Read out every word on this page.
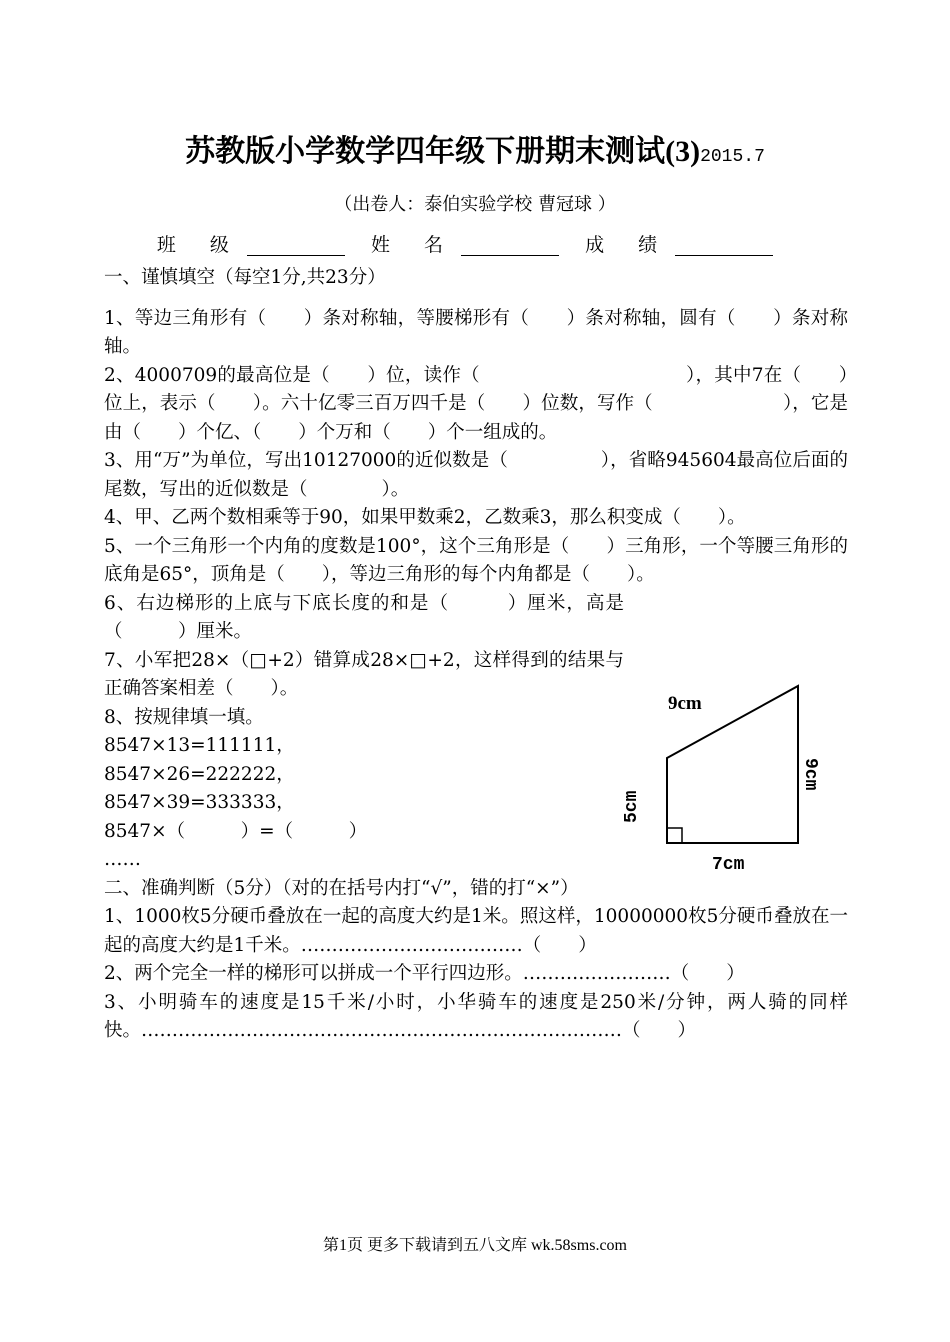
苏教版小学数学四年级下册期末测试(3)2015.7
（出卷人：泰伯实验学校 曹冠球 ）
班 级	姓 名	成 绩

一、谨慎填空（每空1分,共23分）

1、等边三角形有（　　）条对称轴，等腰梯形有（　　）条对称轴，圆有（　　）条对称轴。

2、4000709的最高位是（　　）位，读作（　　　　　　　　　　　），其中7在（　　）位上，表示（　　）。六十亿零三百万四千是（　　）位数，写作（　　　　　　　），它是由（　　）个亿、（　　）个万和（　　）个一组成的。

3、用“万”为单位，写出10127000的近似数是（　　　　　），省略945604最高位后面的尾数，写出的近似数是（　　　　）。

4、甲、乙两个数相乘等于90，如果甲数乘2，乙数乘3，那么积变成（　　）。

5、一个三角形一个内角的度数是100°，这个三角形是（　　）三角形，一个等腰三角形的底角是65°，顶角是（　　），等边三角形的每个内角都是（　　）。

6、右边梯形的上底与下底长度的和是（　　　）厘米，高是（　　　）厘米。

7、小军把28×（□+2）错算成28×□+2，这样得到的结果与正确答案相差（　　）。

8、按规律填一填。

8547×13=111111，

8547×26=222222，

8547×39=333333，

8547×（　　　）=（　　　）

……

二、准确判断（5分）（对的在括号内打“√”，错的打“×”）

1、1000枚5分硬币叠放在一起的高度大约是1米。照这样，10000000枚5分硬币叠放在一起的高度大约是1千米。………………………………（　　）

2、两个完全一样的梯形可以拼成一个平行四边形。……………………（　　）

3、小明骑车的速度是15千米/小时，小华骑车的速度是250米/分钟，两人骑的同样快。……………………………………………………………………（　　）

9cm
7cm
5cm
9cm
第1页 更多下载请到五八文库 wk.58sms.com
